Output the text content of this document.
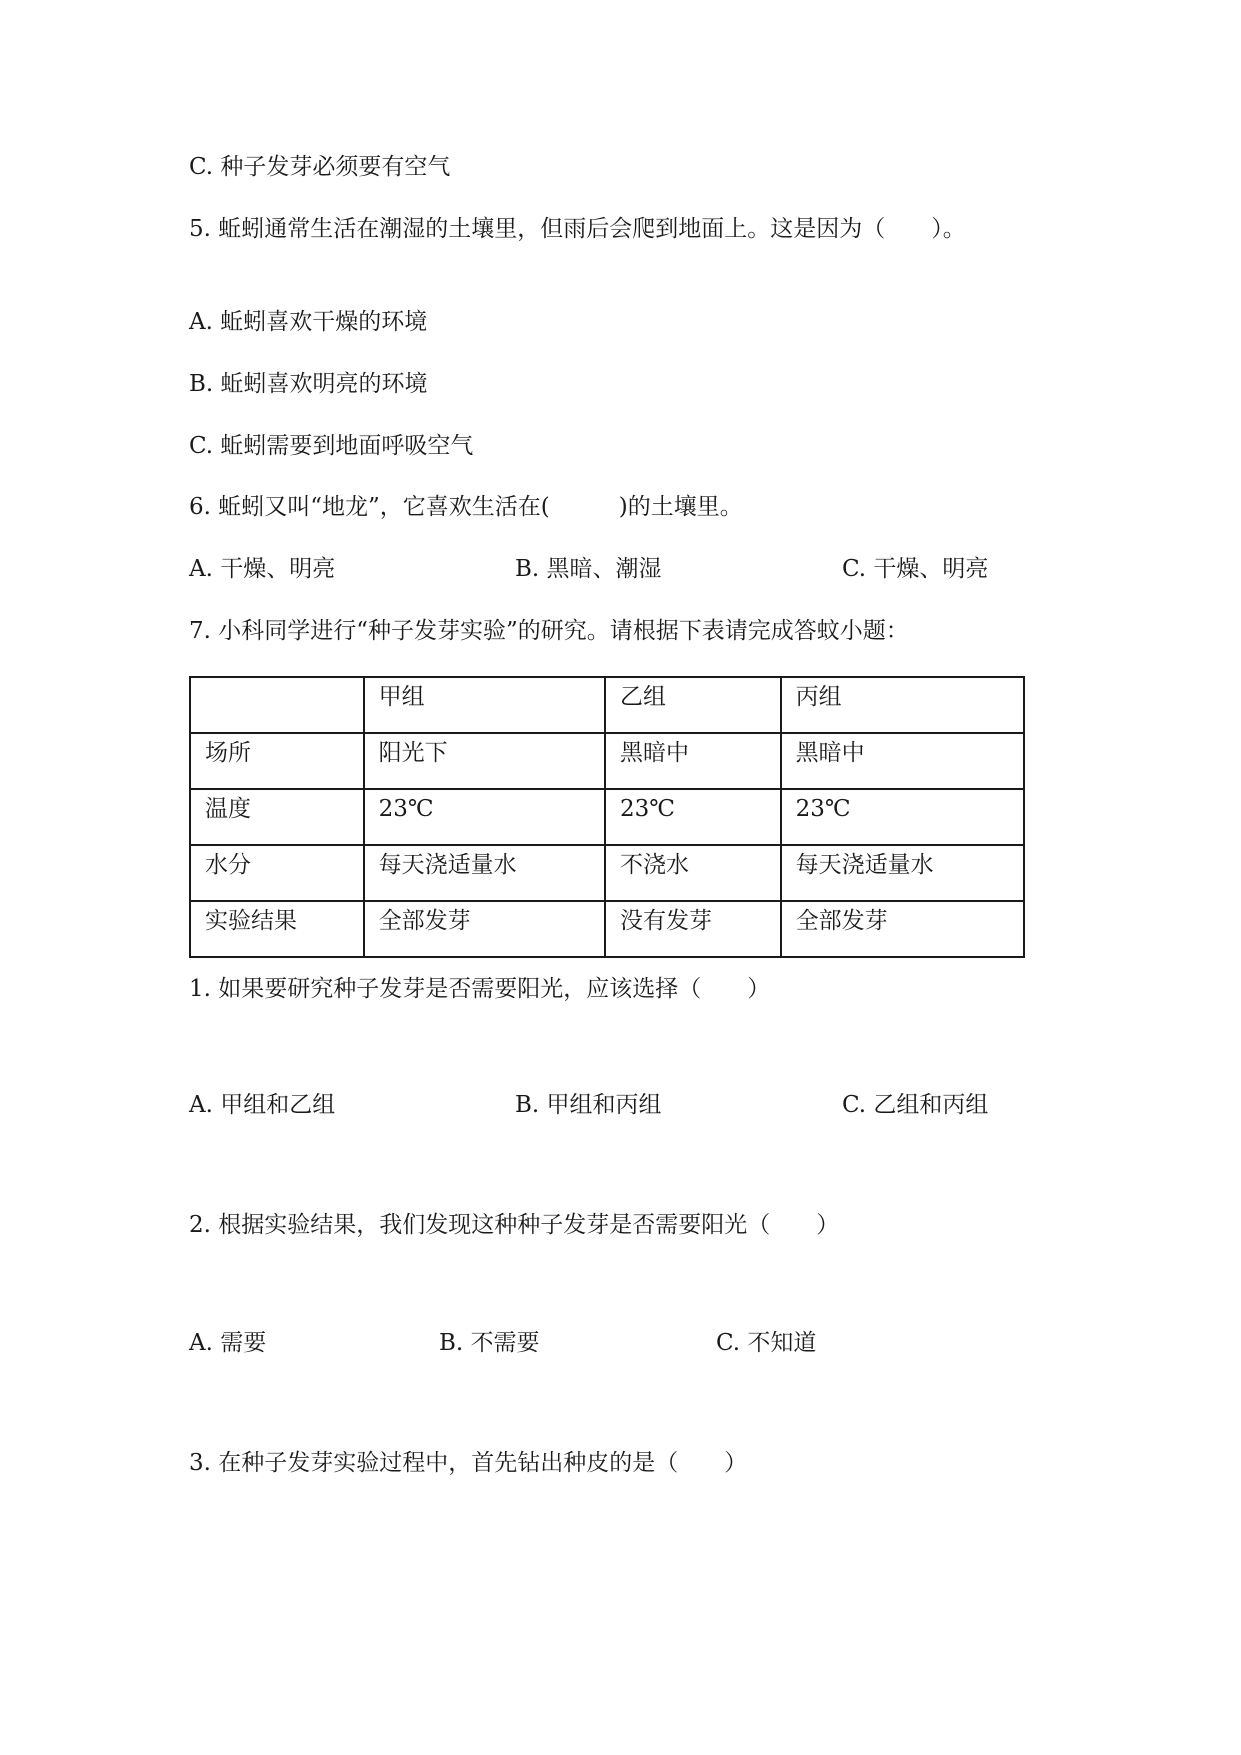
C. 种子发芽必须要有空气
5. 蚯蚓通常生活在潮湿的土壤里，但雨后会爬到地面上。这是因为（　　）。
A. 蚯蚓喜欢干燥的环境
B. 蚯蚓喜欢明亮的环境
C. 蚯蚓需要到地面呼吸空气
6. 蚯蚓又叫“地龙”，它喜欢生活在(　　　)的土壤里。
A. 干燥、明亮	B. 黑暗、潮湿	C. 干燥、明亮
7. 小科同学进行“种子发芽实验”的研究。请根据下表请完成答蚊小题：
	甲组	乙组	丙组
场所	阳光下	黑暗中	黑暗中
温度	23℃	23℃	23℃
水分	每天浇适量水	不浇水	每天浇适量水
实验结果	全部发芽	没有发芽	全部发芽
1. 如果要研究种子发芽是否需要阳光，应该选择（　　）
A. 甲组和乙组	B. 甲组和丙组	C. 乙组和丙组
2. 根据实验结果，我们发现这种种子发芽是否需要阳光（　　）
A. 需要	B. 不需要	C. 不知道
3. 在种子发芽实验过程中，首先钻出种皮的是（　　）
